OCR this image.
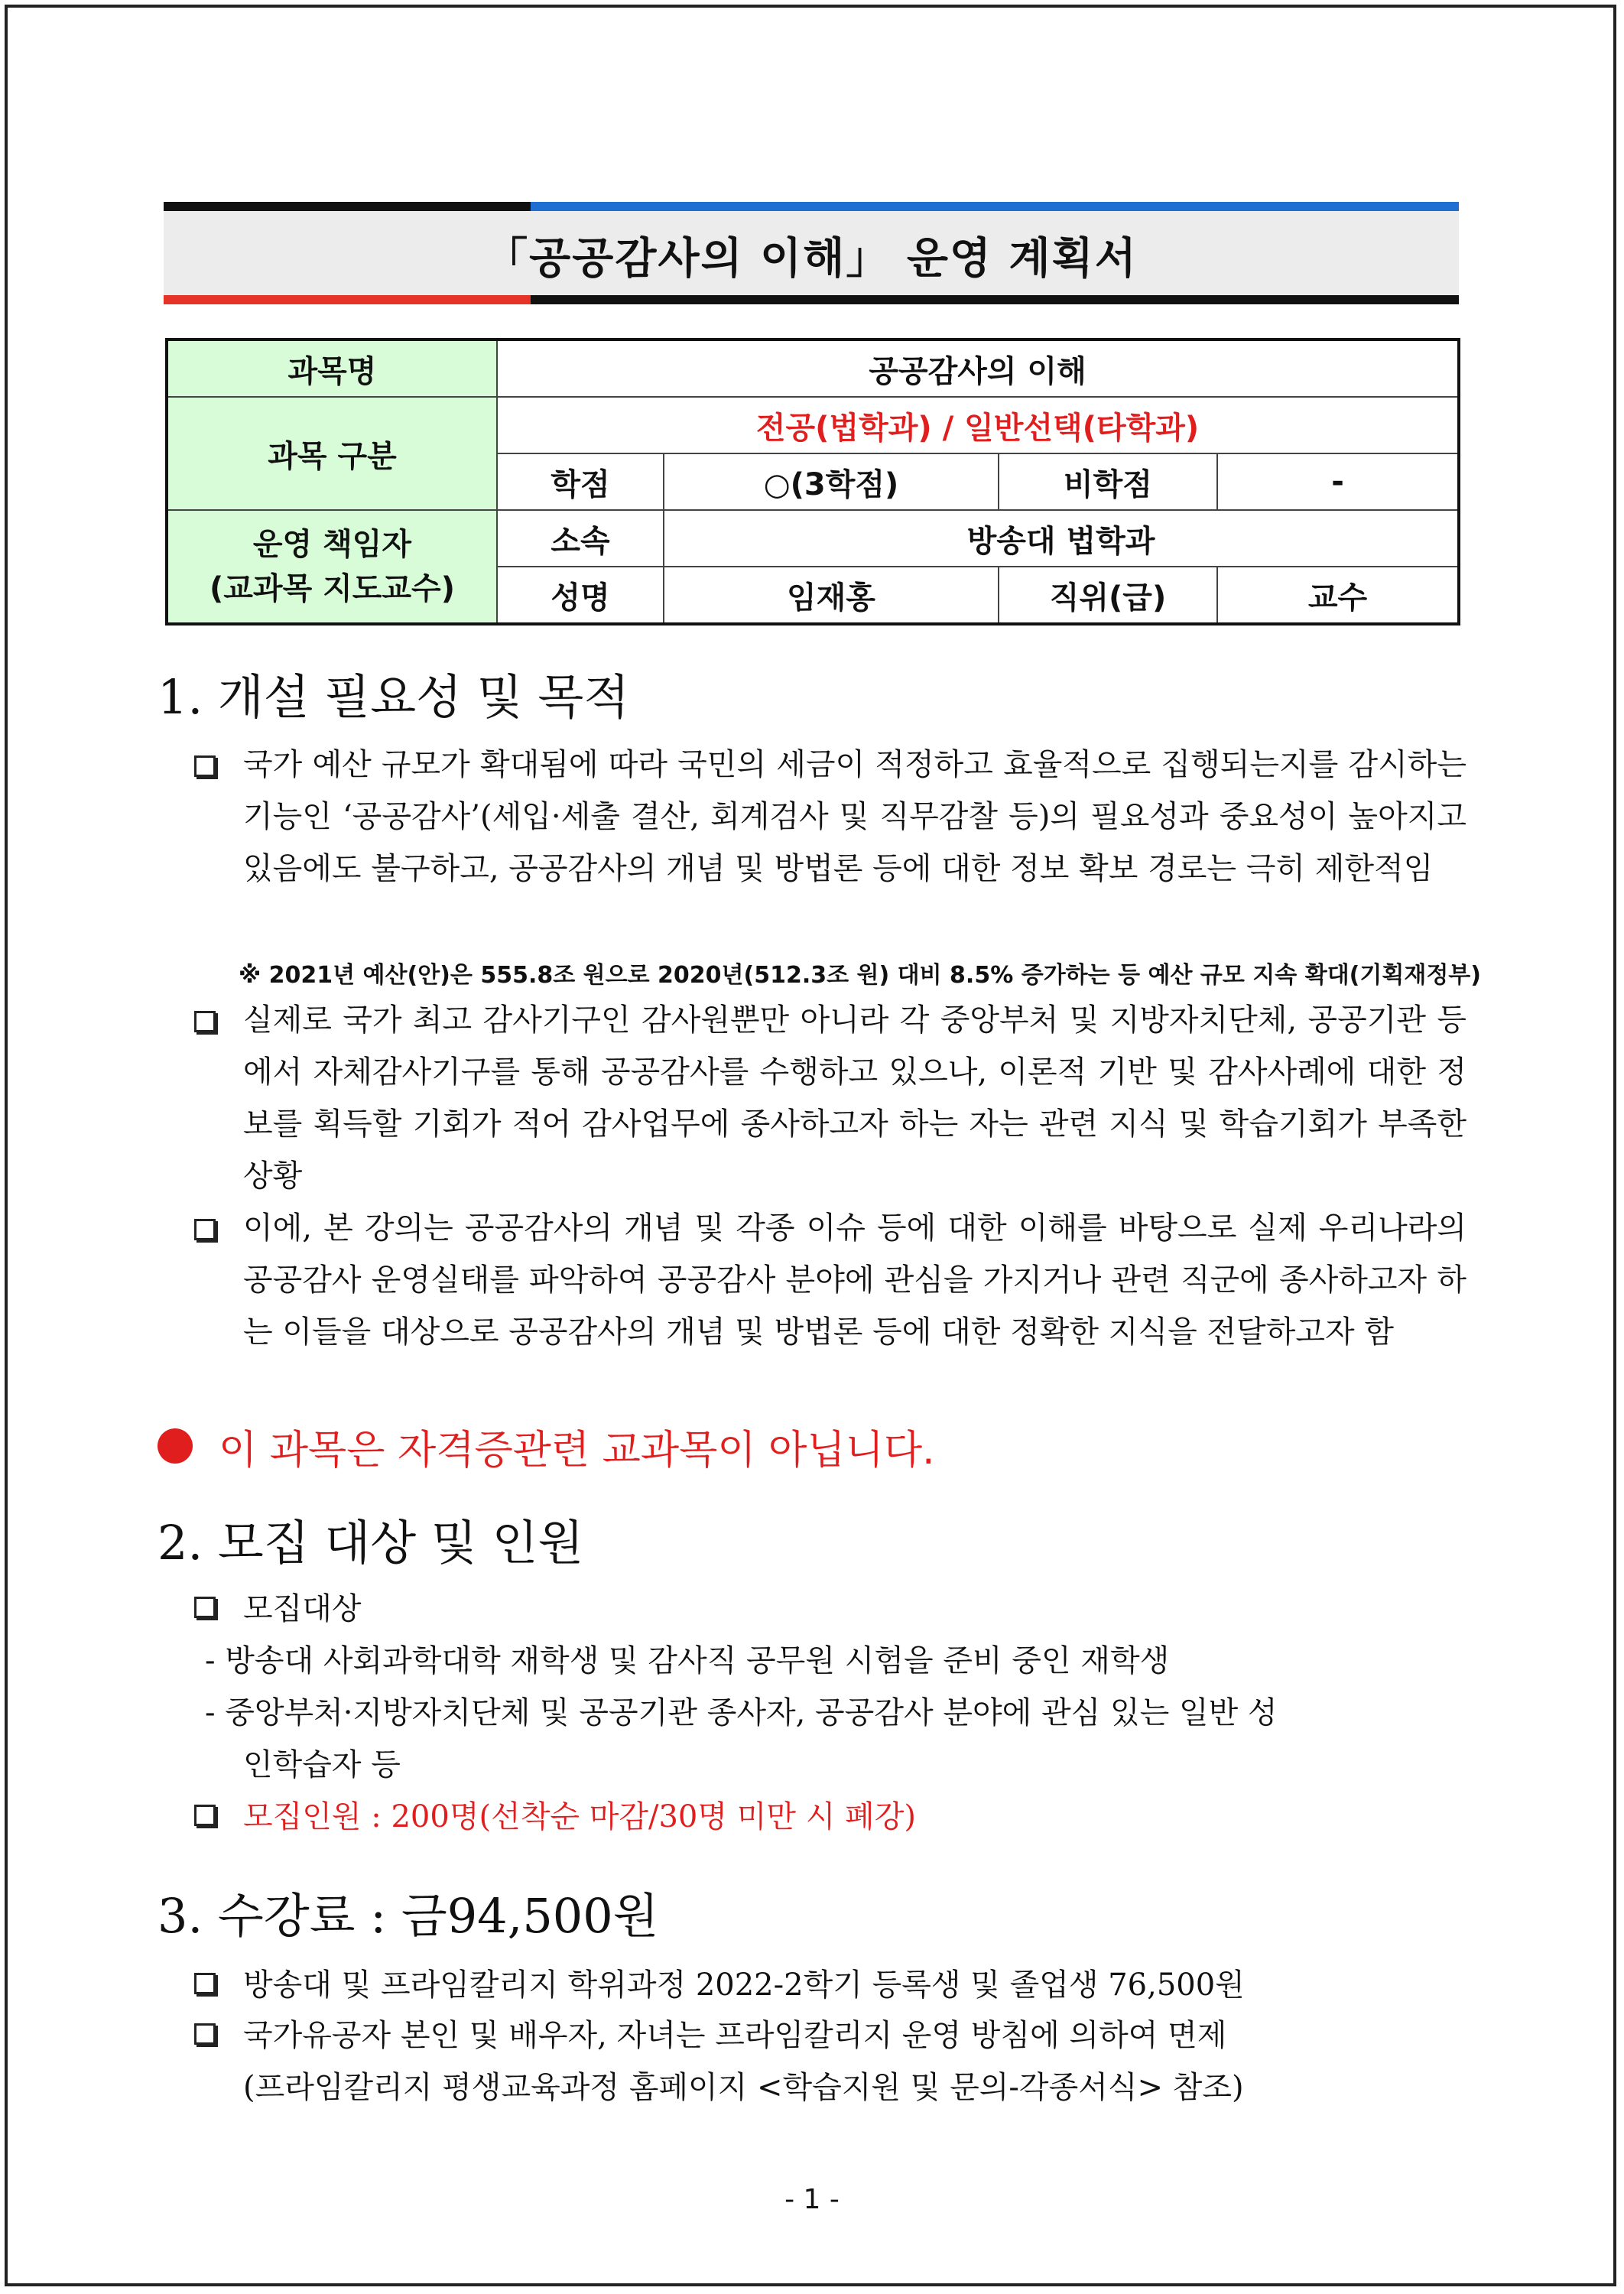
「공공감사의 이해」 운영 계획서
과목명	공공감사의 이해			
과목 구분	전공(법학과) / 일반선택(타학과)			
	학점	○(3학점)	비학점	-

운영 책임자
(교과목 지도교수)	소속	방송대 법학과		
	성명	임재홍	직위(급)	교수
1. 개설 필요성 및 목적
국가 예산 규모가 확대됨에 따라 국민의 세금이 적정하고 효율적으로 집행되는지를 감시하는 기능인 ‘공공감사’(세입·세출 결산, 회계검사 및 직무감찰 등)의 필요성과 중요성이 높아지고 있음에도 불구하고, 공공감사의 개념 및 방법론 등에 대한 정보 확보 경로는 극히 제한적임
※ 2021년 예산(안)은 555.8조 원으로 2020년(512.3조 원) 대비 8.5% 증가하는 등 예산 규모 지속 확대(기획재정부)
실제로 국가 최고 감사기구인 감사원뿐만 아니라 각 중앙부처 및 지방자치단체, 공공기관 등에서 자체감사기구를 통해 공공감사를 수행하고 있으나, 이론적 기반 및 감사사례에 대한 정보를 획득할 기회가 적어 감사업무에 종사하고자 하는 자는 관련 지식 및 학습기회가 부족한 상황
이에, 본 강의는 공공감사의 개념 및 각종 이슈 등에 대한 이해를 바탕으로 실제 우리나라의 공공감사 운영실태를 파악하여 공공감사 분야에 관심을 가지거나 관련 직군에 종사하고자 하는 이들을 대상으로 공공감사의 개념 및 방법론 등에 대한 정확한 지식을 전달하고자 함
이 과목은 자격증관련 교과목이 아닙니다.
2. 모집 대상 및 인원
모집대상
- 방송대 사회과학대학 재학생 및 감사직 공무원 시험을 준비 중인 재학생
- 중앙부처·지방자치단체 및 공공기관 종사자, 공공감사 분야에 관심 있는 일반 성
인학습자 등
모집인원 : 200명(선착순 마감/30명 미만 시 폐강)
3. 수강료 : 금94,500원
방송대 및 프라임칼리지 학위과정 2022-2학기 등록생 및 졸업생 76,500원
국가유공자 본인 및 배우자, 자녀는 프라임칼리지 운영 방침에 의하여 면제
(프라임칼리지 평생교육과정 홈페이지 <학습지원 및 문의-각종서식> 참조)
- 1 -
